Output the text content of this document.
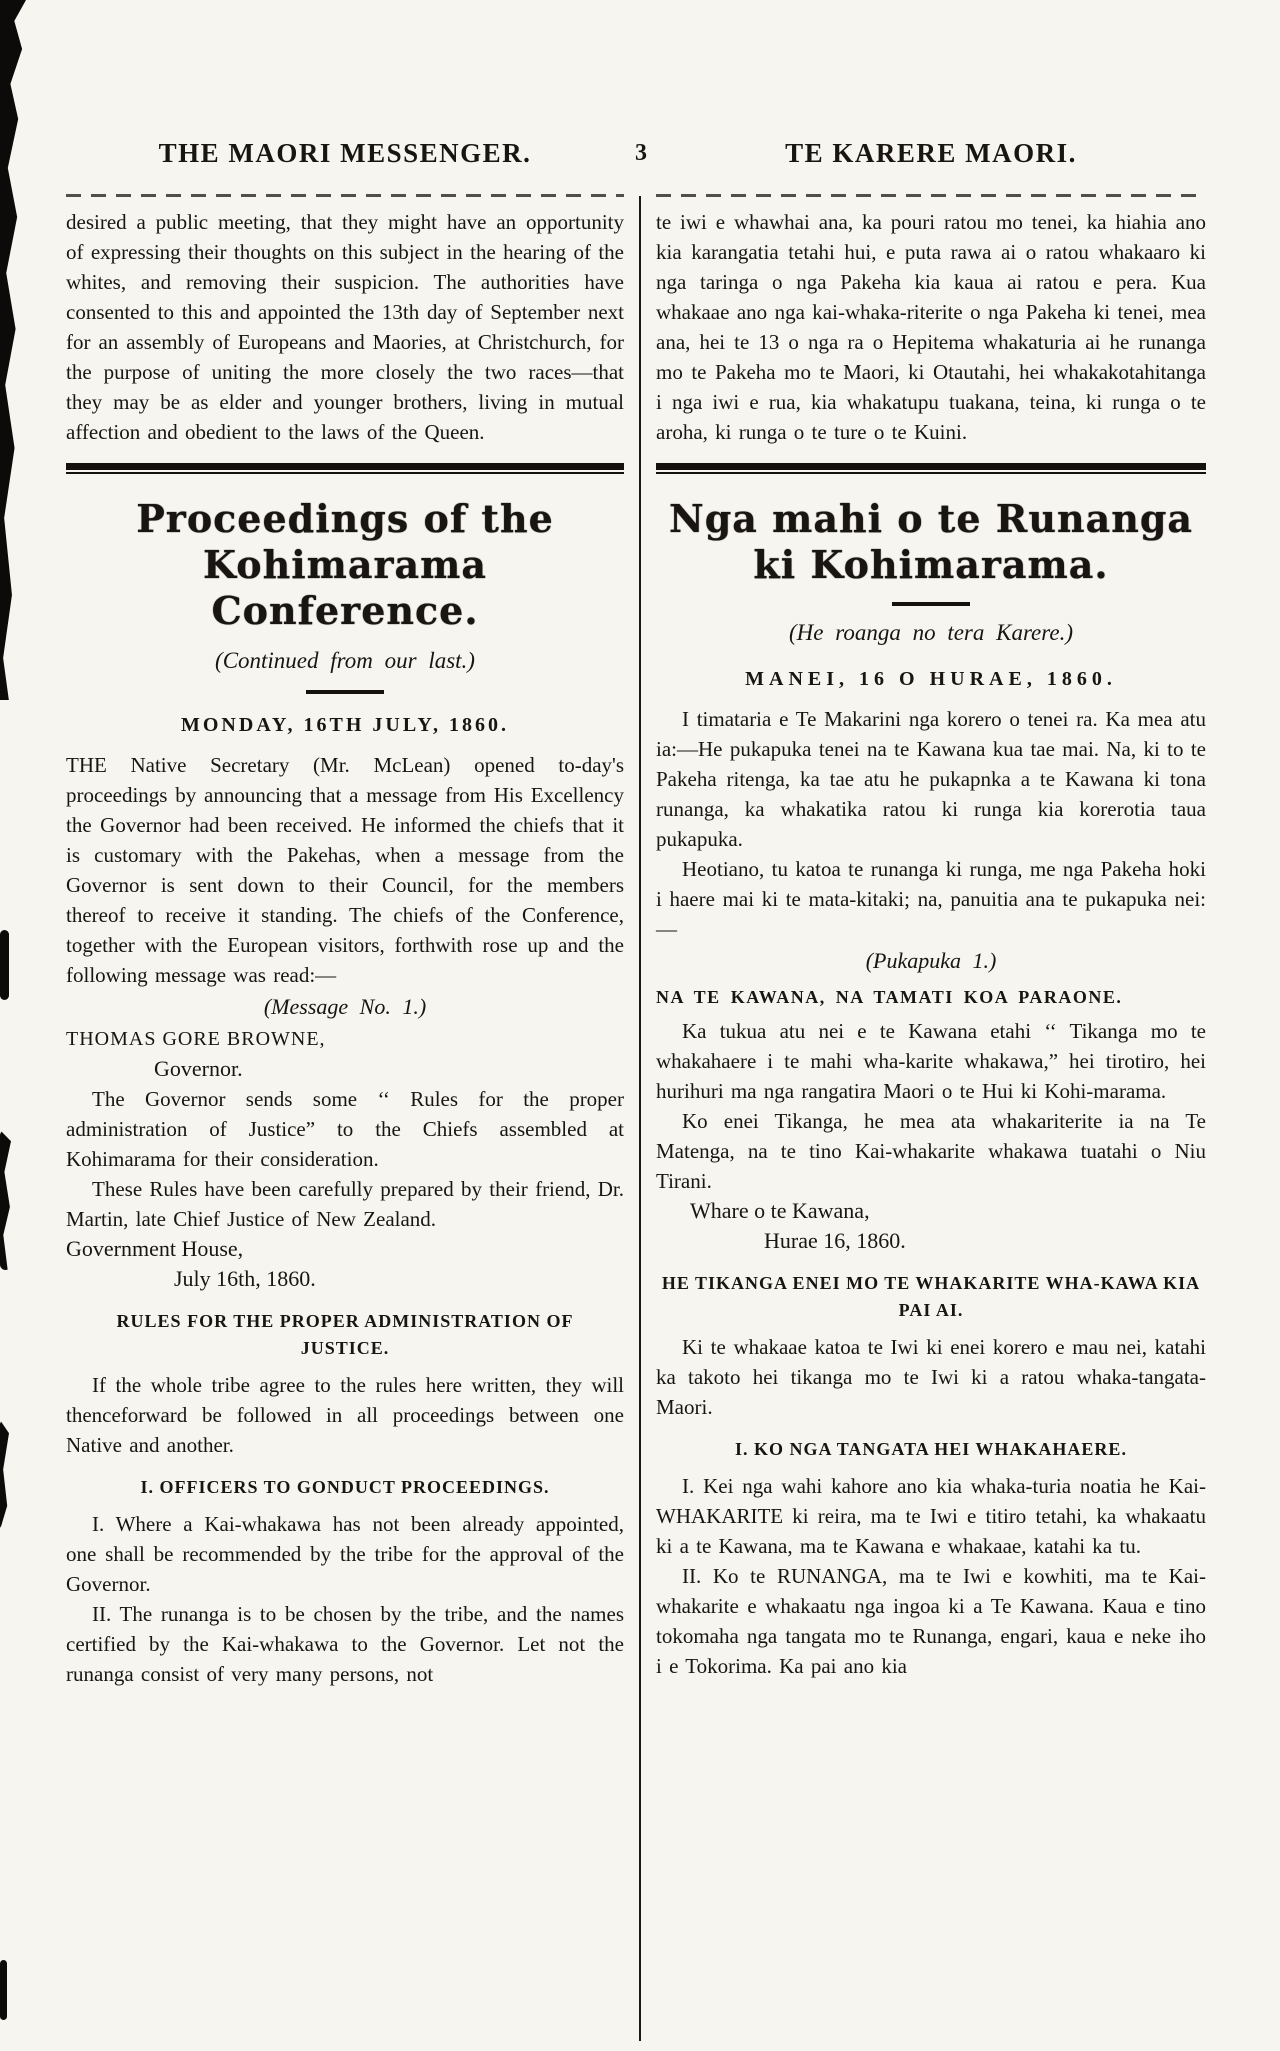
THE MAORI MESSENGER.	3	TE KARERE MAORI.

desired a public meeting, that they might have an opportunity of expressing their thoughts on this subject in the hearing of the whites, and removing their suspicion. The authorities have consented to this and appointed the 13th day of September next for an assembly of Europeans and Maories, at Christchurch, for the purpose of uniting the more closely the two races—that they may be as elder and younger brothers, living in mutual affection and obedient to the laws of the Queen.

Proceedings of the Kohimarama Conference.
(Continued from our last.)
MONDAY, 16TH JULY, 1860.

THE Native Secretary (Mr. McLean) opened to-day's proceedings by announcing that a message from His Excellency the Governor had been received. He informed the chiefs that it is customary with the Pakehas, when a message from the Governor is sent down to their Council, for the members thereof to receive it standing. The chiefs of the Conference, together with the European visitors, forthwith rose up and the following message was read:—

(Message No. 1.)
THOMAS GORE BROWNE,
Governor.

The Governor sends some ‘‘ Rules for the proper administration of Justice” to the Chiefs assembled at Kohimarama for their consideration.

These Rules have been carefully prepared by their friend, Dr. Martin, late Chief Justice of New Zealand.

Government House,
July 16th, 1860.
RULES FOR THE PROPER ADMINISTRATION OF JUSTICE.

If the whole tribe agree to the rules here written, they will thenceforward be followed in all proceedings between one Native and another.

I. OFFICERS TO GONDUCT PROCEEDINGS.

I. Where a Kai-whakawa has not been already appointed, one shall be recommended by the tribe for the approval of the Governor.

II. The runanga is to be chosen by the tribe, and the names certified by the Kai-whakawa to the Governor. Let not the runanga consist of very many persons, not

te iwi e whawhai ana, ka pouri ratou mo tenei, ka hiahia ano kia karangatia tetahi hui, e puta rawa ai o ratou whakaaro ki nga taringa o nga Pakeha kia kaua ai ratou e pera. Kua whakaae ano nga kai-whaka-riterite o nga Pakeha ki tenei, mea ana, hei te 13 o nga ra o Hepitema whakaturia ai he runanga mo te Pakeha mo te Maori, ki Otautahi, hei whakakotahitanga i nga iwi e rua, kia whakatupu tuakana, teina, ki runga o te aroha, ki runga o te ture o te Kuini.

Nga mahi o te Runanga ki Kohimarama.
(He roanga no tera Karere.)
MANEI, 16 O HURAE, 1860.

I timataria e Te Makarini nga korero o tenei ra. Ka mea atu ia:—He pukapuka tenei na te Kawana kua tae mai. Na, ki to te Pakeha ritenga, ka tae atu he pukapnka a te Kawana ki tona runanga, ka whakatika ratou ki runga kia korerotia taua pukapuka.

Heotiano, tu katoa te runanga ki runga, me nga Pakeha hoki i haere mai ki te mata-kitaki; na, panuitia ana te pukapuka nei:—

(Pukapuka 1.)
NA TE KAWANA, NA TAMATI KOA PARAONE.

Ka tukua atu nei e te Kawana etahi ‘‘ Tikanga mo te whakahaere i te mahi wha-karite whakawa,” hei tirotiro, hei hurihuri ma nga rangatira Maori o te Hui ki Kohi-marama.

Ko enei Tikanga, he mea ata whakariterite ia na Te Matenga, na te tino Kai-whakarite whakawa tuatahi o Niu Tirani.

Whare o te Kawana,
Hurae 16, 1860.
HE TIKANGA ENEI MO TE WHAKARITE WHA-KAWA KIA PAI AI.

Ki te whakaae katoa te Iwi ki enei korero e mau nei, katahi ka takoto hei tikanga mo te Iwi ki a ratou whaka-tangata-Maori.

I. KO NGA TANGATA HEI WHAKAHAERE.

I. Kei nga wahi kahore ano kia whaka-turia noatia he Kai-WHAKARITE ki reira, ma te Iwi e titiro tetahi, ka whakaatu ki a te Kawana, ma te Kawana e whakaae, katahi ka tu.

II. Ko te RUNANGA, ma te Iwi e kowhiti, ma te Kai-whakarite e whakaatu nga ingoa ki a Te Kawana. Kaua e tino tokomaha nga tangata mo te Runanga, engari, kaua e neke iho i e Tokorima. Ka pai ano kia
